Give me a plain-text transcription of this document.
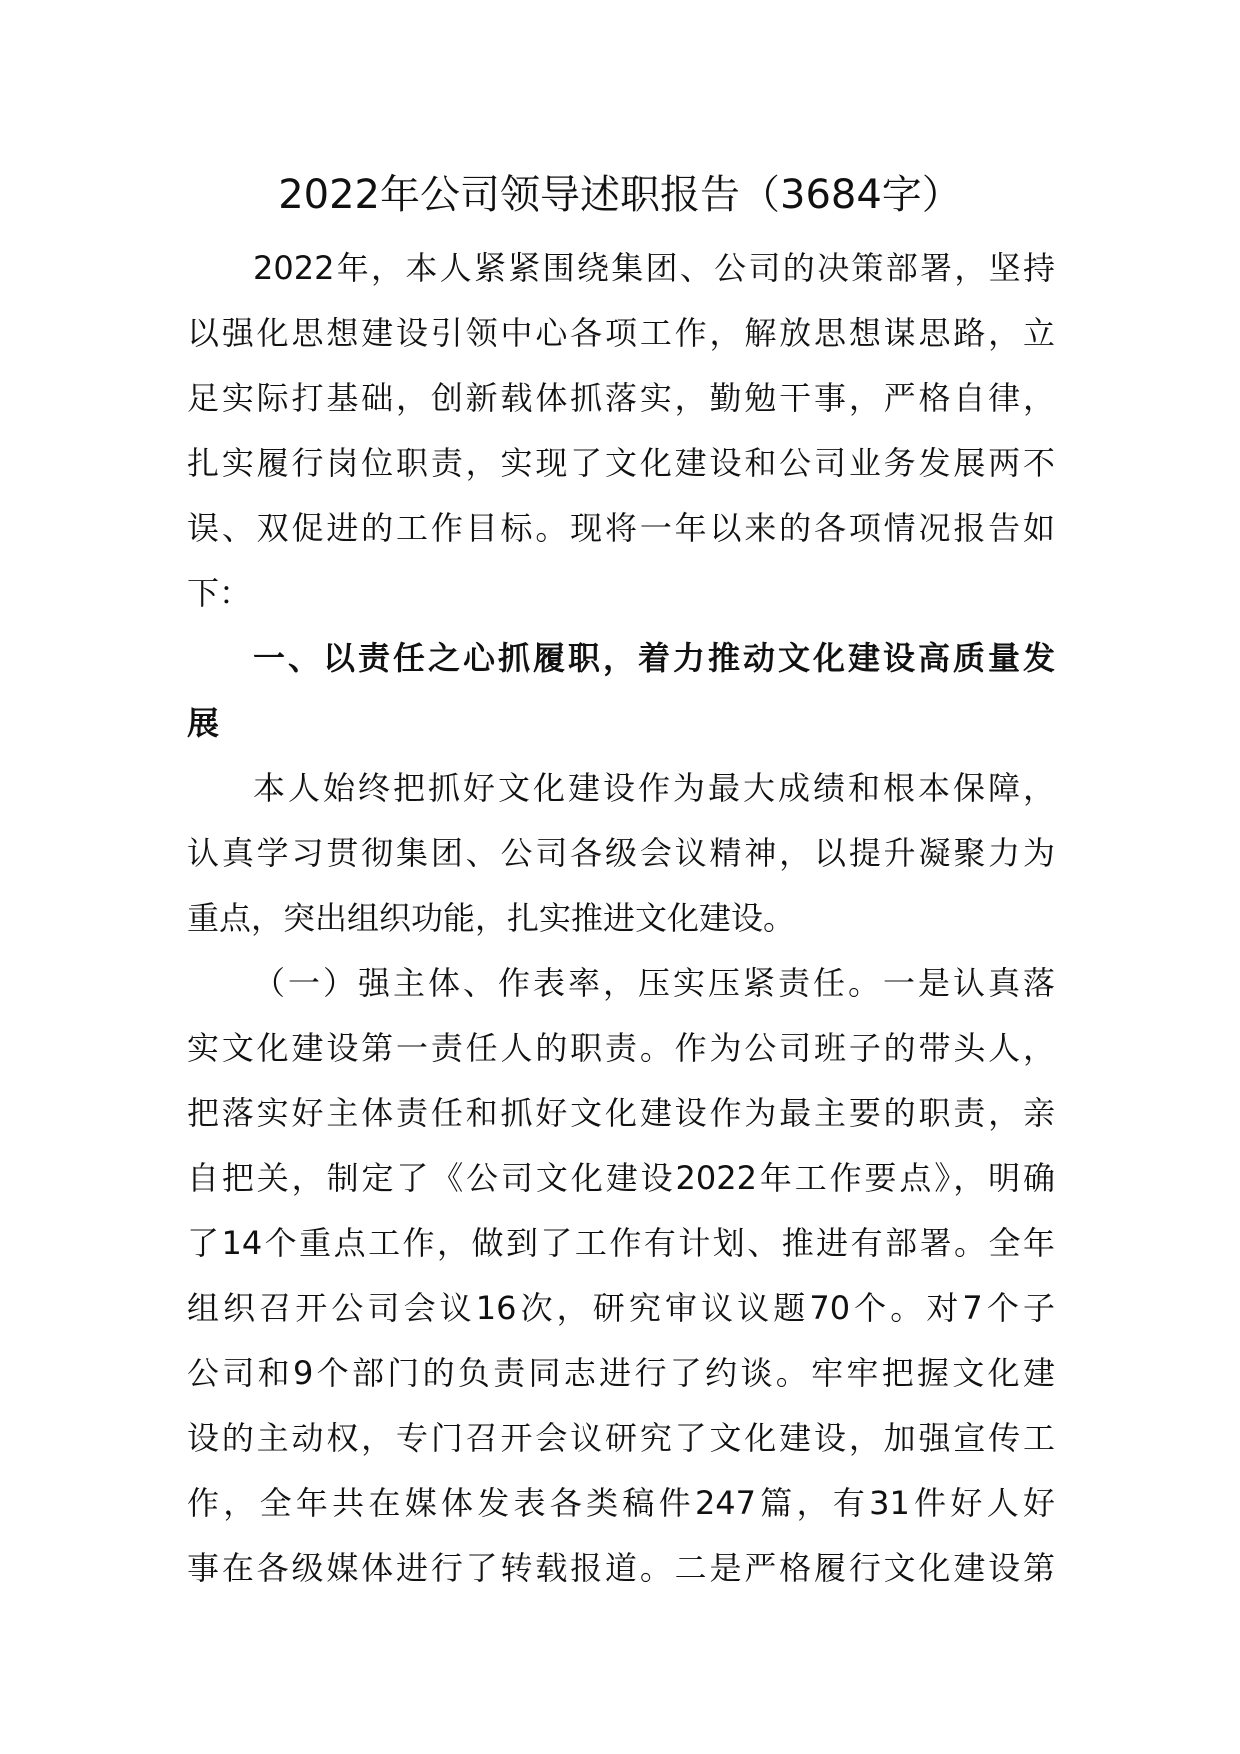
2022年公司领导述职报告（3684字）
2022年，本人紧紧围绕集团、公司的决策部署，坚持
以强化思想建设引领中心各项工作，解放思想谋思路，立
足实际打基础，创新载体抓落实，勤勉干事，严格自律，
扎实履行岗位职责，实现了文化建设和公司业务发展两不
误、双促进的工作目标。现将一年以来的各项情况报告如
下：
一、以责任之心抓履职，着力推动文化建设高质量发
展
本人始终把抓好文化建设作为最大成绩和根本保障，
认真学习贯彻集团、公司各级会议精神，以提升凝聚力为
重点，突出组织功能，扎实推进文化建设。
（一）强主体、作表率，压实压紧责任。一是认真落
实文化建设第一责任人的职责。作为公司班子的带头人，
把落实好主体责任和抓好文化建设作为最主要的职责，亲
自把关，制定了《公司文化建设2022年工作要点》，明确
了14个重点工作，做到了工作有计划、推进有部署。全年
组织召开公司会议16次，研究审议议题70个。对7个子
公司和9个部门的负责同志进行了约谈。牢牢把握文化建
设的主动权，专门召开会议研究了文化建设，加强宣传工
作，全年共在媒体发表各类稿件247篇，有31件好人好
事在各级媒体进行了转载报道。二是严格履行文化建设第
